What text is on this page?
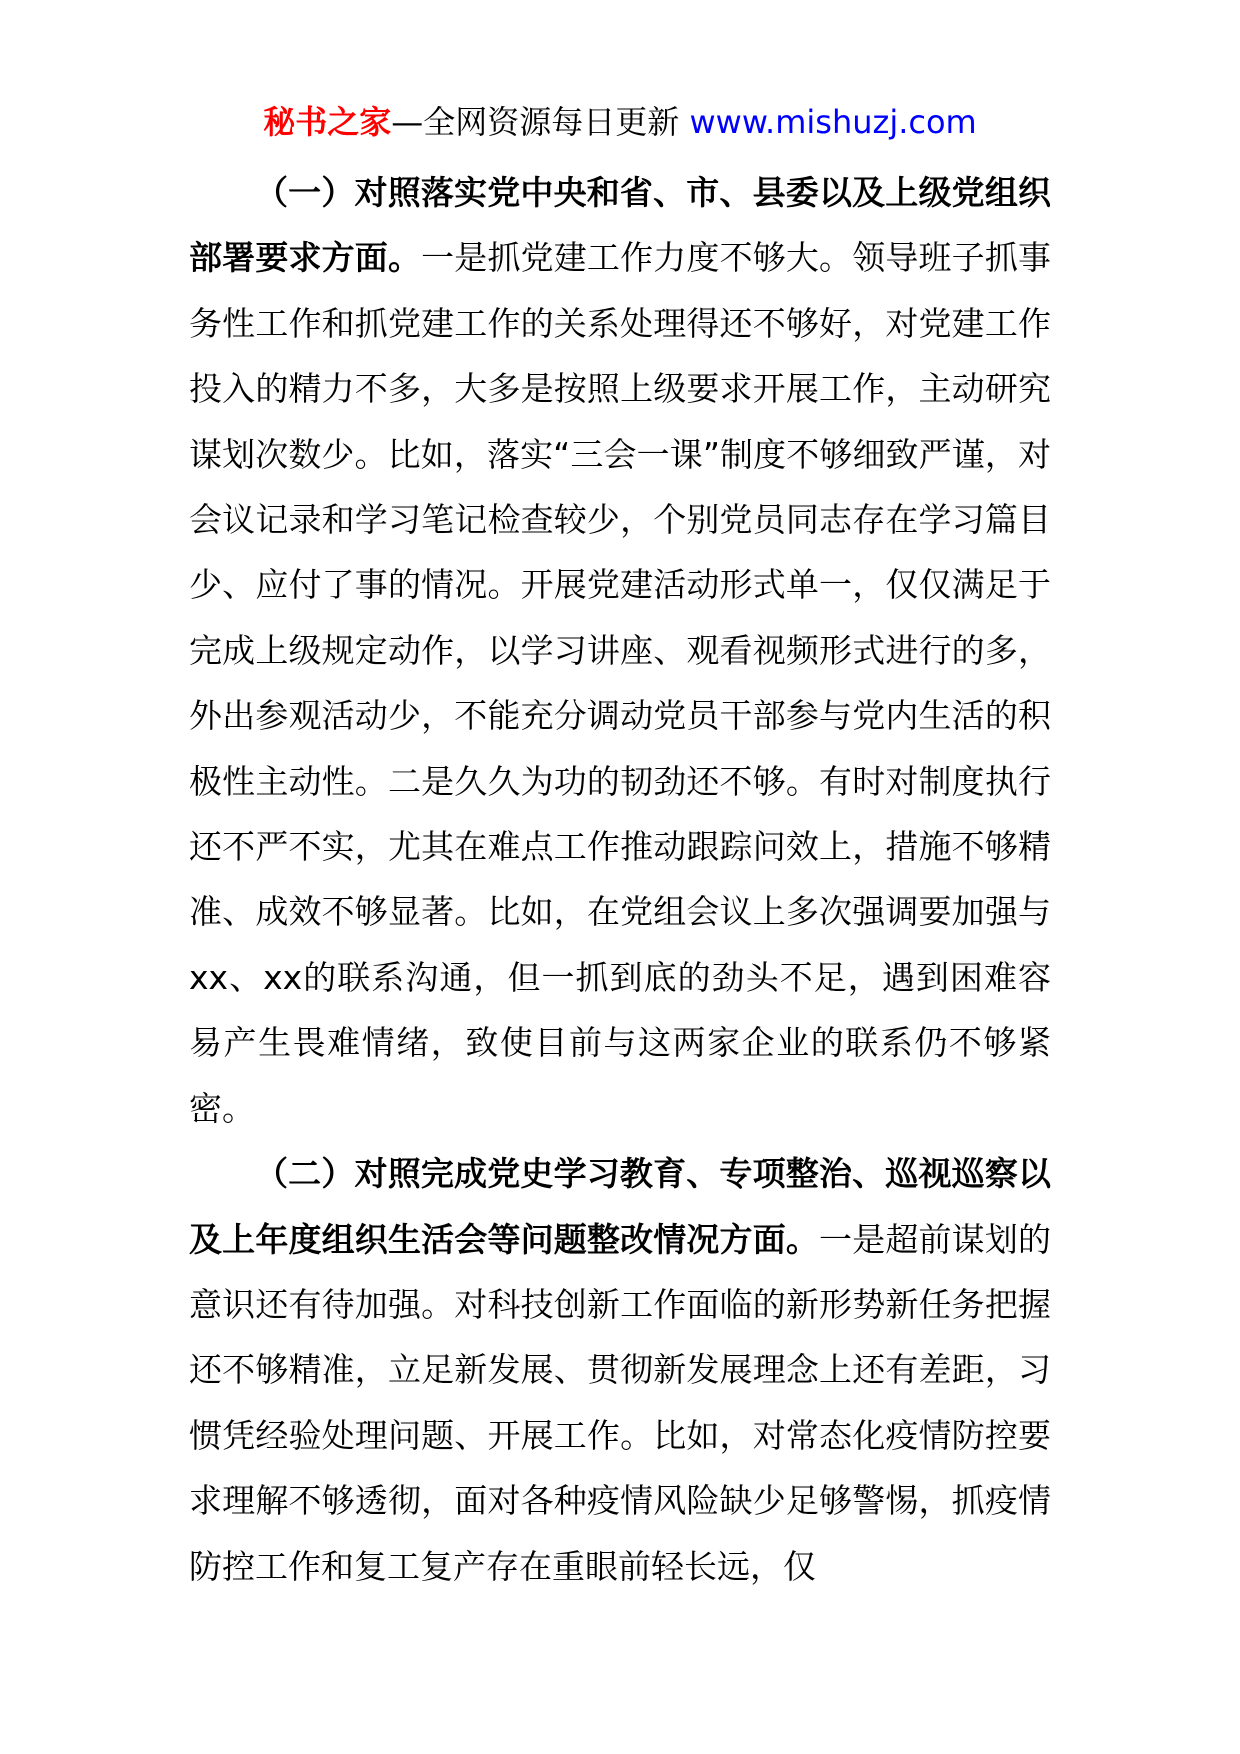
秘书之家—全网资源每日更新 www.mishuzj.com

（一）对照落实党中央和省、市、县委以及上级党组织部署要求方面。一是抓党建工作力度不够大。领导班子抓事务性工作和抓党建工作的关系处理得还不够好，对党建工作投入的精力不多，大多是按照上级要求开展工作，主动研究谋划次数少。比如，落实“三会一课”制度不够细致严谨，对会议记录和学习笔记检查较少，个别党员同志存在学习篇目少、应付了事的情况。开展党建活动形式单一，仅仅满足于完成上级规定动作，以学习讲座、观看视频形式进行的多，外出参观活动少，不能充分调动党员干部参与党内生活的积极性主动性。二是久久为功的韧劲还不够。有时对制度执行还不严不实，尤其在难点工作推动跟踪问效上，措施不够精准、成效不够显著。比如，在党组会议上多次强调要加强与xx、xx的联系沟通，但一抓到底的劲头不足，遇到困难容易产生畏难情绪，致使目前与这两家企业的联系仍不够紧密。

（二）对照完成党史学习教育、专项整治、巡视巡察以及上年度组织生活会等问题整改情况方面。一是超前谋划的意识还有待加强。对科技创新工作面临的新形势新任务把握还不够精准，立足新发展、贯彻新发展理念上还有差距，习惯凭经验处理问题、开展工作。比如，对常态化疫情防控要求理解不够透彻，面对各种疫情风险缺少足够警惕，抓疫情防控工作和复工复产存在重眼前轻长远，仅
